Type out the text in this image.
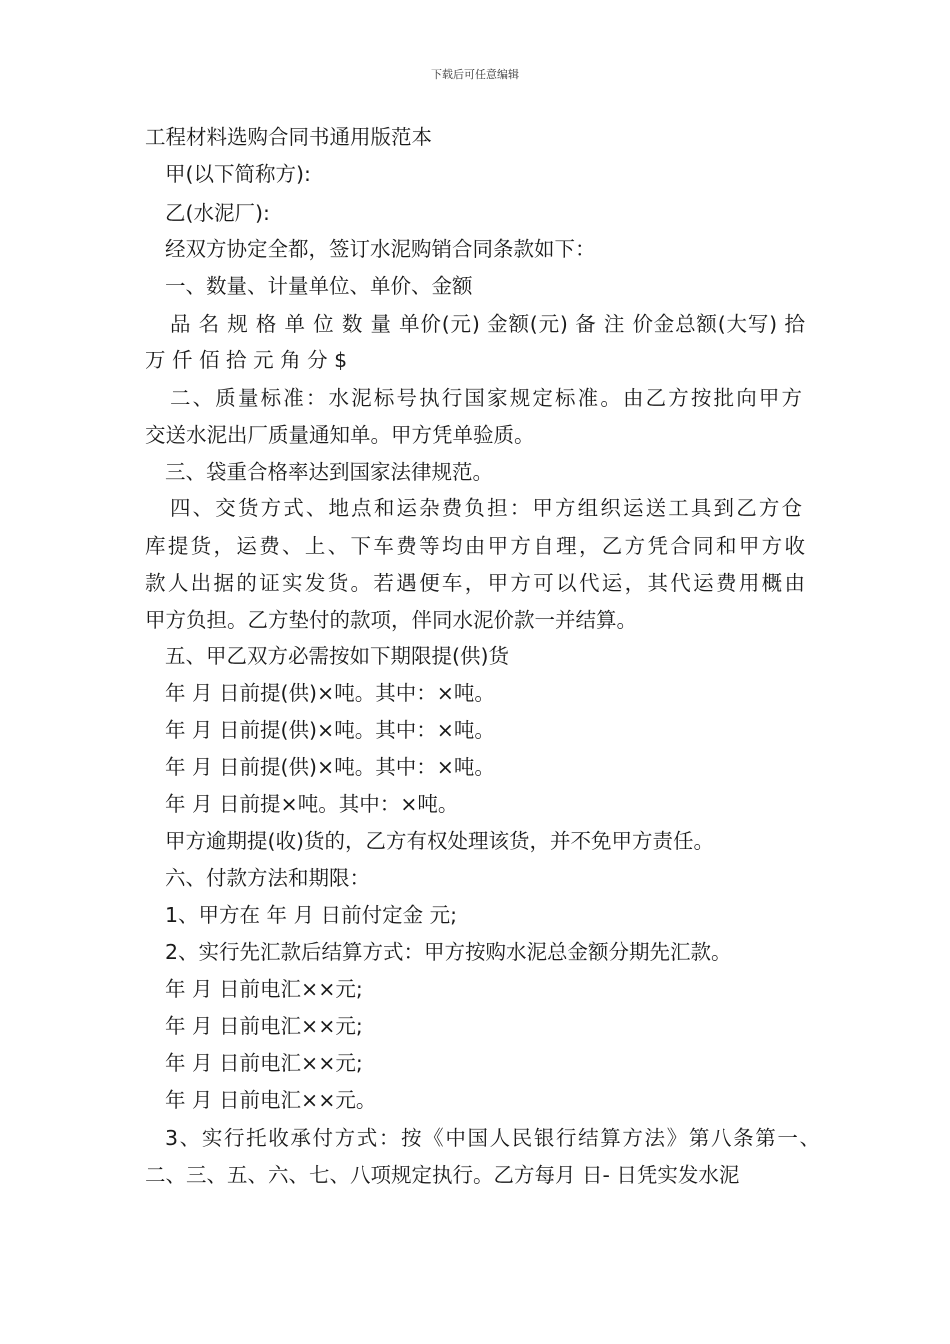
下载后可任意编辑
工程材料选购合同书通用版范本
甲(以下简称方):
乙(水泥厂):
经双方协定全都，签订水泥购销合同条款如下：
一、数量、计量单位、单价、金额
品 名 规 格 单 位 数 量 单价(元) 金额(元) 备 注 价金总额(大写) 拾
万 仟 佰 拾 元 角 分 $
二、质量标准：水泥标号执行国家规定标准。由乙方按批向甲方
交送水泥出厂质量通知单。甲方凭单验质。
三、袋重合格率达到国家法律规范。
四、交货方式、地点和运杂费负担：甲方组织运送工具到乙方仓
库提货，运费、上、下车费等均由甲方自理，乙方凭合同和甲方收
款人出据的证实发货。若遇便车，甲方可以代运，其代运费用概由
甲方负担。乙方垫付的款项，伴同水泥价款一并结算。
五、甲乙双方必需按如下期限提(供)货
年 月 日前提(供)×吨。其中：×吨。
年 月 日前提(供)×吨。其中：×吨。
年 月 日前提(供)×吨。其中：×吨。
年 月 日前提×吨。其中：×吨。
甲方逾期提(收)货的，乙方有权处理该货，并不免甲方责任。
六、付款方法和期限：
1、甲方在 年 月 日前付定金 元;
2、实行先汇款后结算方式：甲方按购水泥总金额分期先汇款。
年 月 日前电汇××元;
年 月 日前电汇××元;
年 月 日前电汇××元;
年 月 日前电汇××元。
3、实行托收承付方式：按《中国人民银行结算方法》第八条第一、
二、三、五、六、七、八项规定执行。乙方每月 日- 日凭实发水泥
